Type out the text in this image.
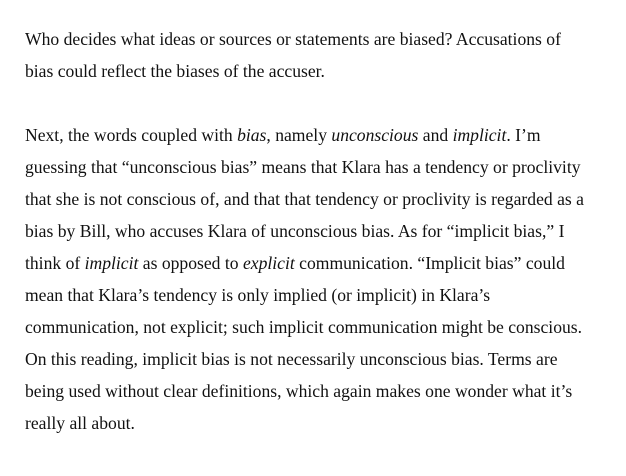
Who decides what ideas or sources or statements are biased? Accusations of
bias could reflect the biases of the accuser.

Next, the words coupled with bias, namely unconscious and implicit. I’m
guessing that “unconscious bias” means that Klara has a tendency or proclivity
that she is not conscious of, and that that tendency or proclivity is regarded as a
bias by Bill, who accuses Klara of unconscious bias. As for “implicit bias,” I
think of implicit as opposed to explicit communication. “Implicit bias” could
mean that Klara’s tendency is only implied (or implicit) in Klara’s
communication, not explicit; such implicit communication might be conscious.
On this reading, implicit bias is not necessarily unconscious bias. Terms are
being used without clear definitions, which again makes one wonder what it’s
really all about.
